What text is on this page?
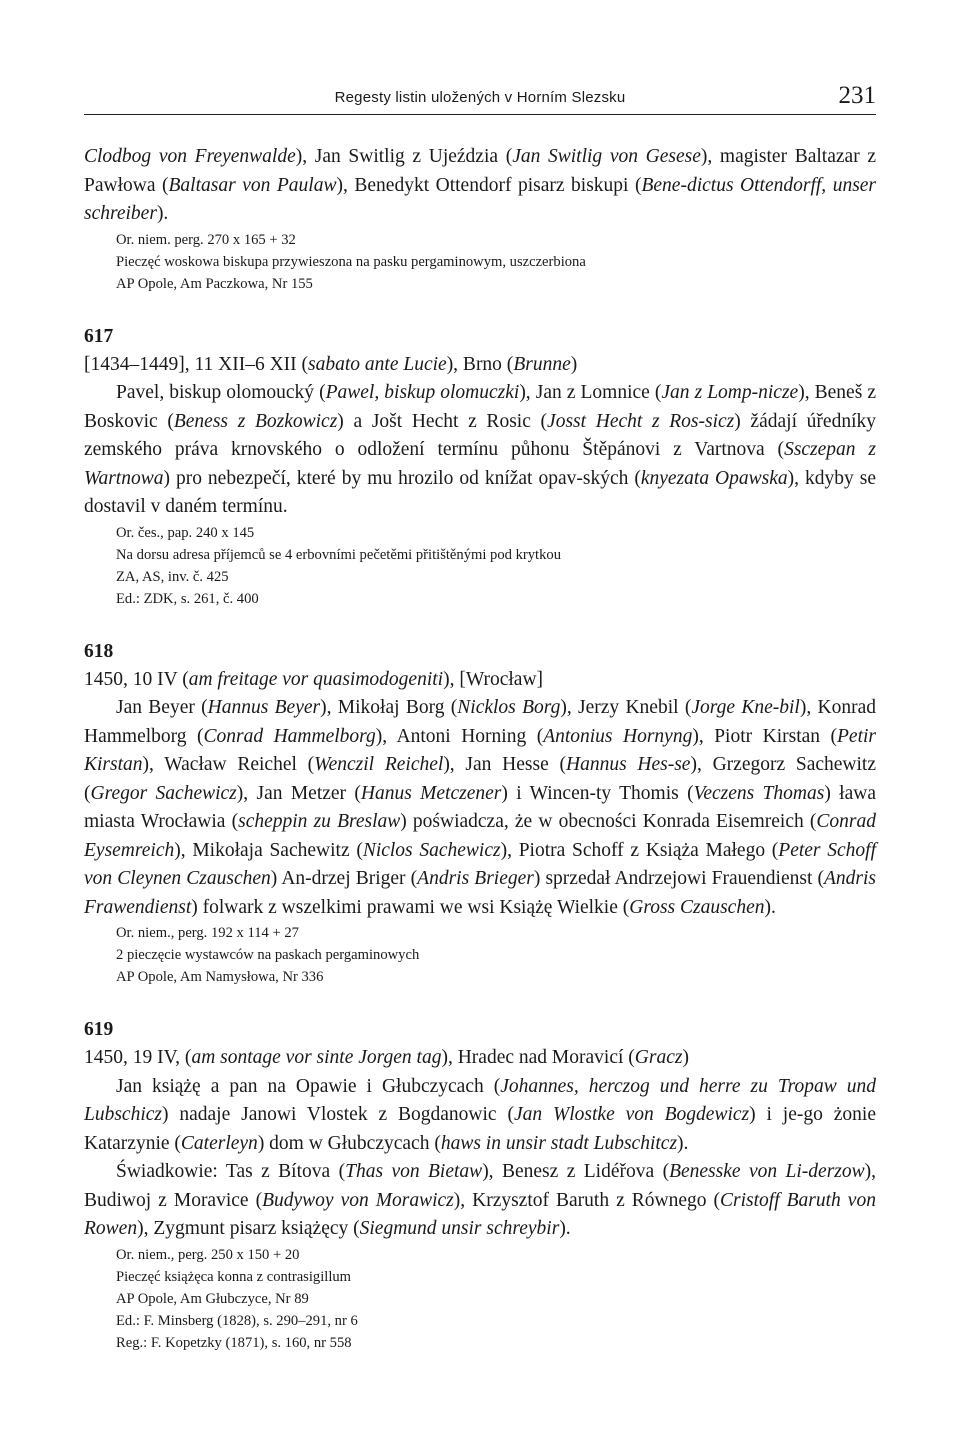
Regesty listin uložených v Horním Slezsku	231

Clodbog von Freyenwalde), Jan Switlig z Ujeździa (Jan Switlig von Gesese), magister Baltazar z Pawłowa (Baltasar von Paulaw), Benedykt Ottendorf pisarz biskupi (Bene-dictus Ottendorff, unser schreiber).

Or. niem. perg. 270 x 165 + 32

Pieczęć woskowa biskupa przywieszona na pasku pergaminowym, uszczerbiona

AP Opole, Am Paczkowa, Nr 155

617

[1434–1449], 11 XII–6 XII (sabato ante Lucie), Brno (Brunne)

Pavel, biskup olomoucký (Pawel, biskup olomuczki), Jan z Lomnice (Jan z Lomp-nicze), Beneš z Boskovic (Beness z Bozkowicz) a Jošt Hecht z Rosic (Josst Hecht z Ros-sicz) žádají úředníky zemského práva krnovského o odložení termínu půhonu Štěpánovi z Vartnova (Ssczepan z Wartnowa) pro nebezpečí, které by mu hrozilo od knížat opav-ských (knyezata Opawska), kdyby se dostavil v daném termínu.

Or. čes., pap. 240 x 145

Na dorsu adresa příjemců se 4 erbovními pečetěmi přitištěnými pod krytkou

ZA, AS, inv. č. 425

Ed.: ZDK, s. 261, č. 400

618

1450, 10 IV (am freitage vor quasimodogeniti), [Wrocław]

Jan Beyer (Hannus Beyer), Mikołaj Borg (Nicklos Borg), Jerzy Knebil (Jorge Kne-bil), Konrad Hammelborg (Conrad Hammelborg), Antoni Horning (Antonius Hornyng), Piotr Kirstan (Petir Kirstan), Wacław Reichel (Wenczil Reichel), Jan Hesse (Hannus Hes-se), Grzegorz Sachewitz (Gregor Sachewicz), Jan Metzer (Hanus Metczener) i Wincen-ty Thomis (Veczens Thomas) ława miasta Wrocławia (scheppin zu Breslaw) poświadcza, że w obecności Konrada Eisemreich (Conrad Eysemreich), Mikołaja Sachewitz (Niclos Sachewicz), Piotra Schoff z Książa Małego (Peter Schoff von Cleynen Czauschen) An-drzej Briger (Andris Brieger) sprzedał Andrzejowi Frauendienst (Andris Frawendienst) folwark z wszelkimi prawami we wsi Książę Wielkie (Gross Czauschen).

Or. niem., perg. 192 x 114 + 27

2 pieczęcie wystawców na paskach pergaminowych

AP Opole, Am Namysłowa, Nr 336

619

1450, 19 IV, (am sontage vor sinte Jorgen tag), Hradec nad Moravicí (Gracz)

Jan książę a pan na Opawie i Głubczycach (Johannes, herczog und herre zu Tropaw und Lubschicz) nadaje Janowi Vlostek z Bogdanowic (Jan Wlostke von Bogdewicz) i je-go żonie Katarzynie (Caterleyn) dom w Głubczycach (haws in unsir stadt Lubschitcz).

Świadkowie: Tas z Bítova (Thas von Bietaw), Benesz z Lidéřova (Benesske von Li-derzow), Budiwoj z Moravice (Budywoy von Morawicz), Krzysztof Baruth z Równego (Cristoff Baruth von Rowen), Zygmunt pisarz książęcy (Siegmund unsir schreybir).

Or. niem., perg. 250 x 150 + 20

Pieczęć książęca konna z contrasigillum

AP Opole, Am Głubczyce, Nr 89

Ed.: F. Minsberg (1828), s. 290–291, nr 6

Reg.: F. Kopetzky (1871), s. 160, nr 558
